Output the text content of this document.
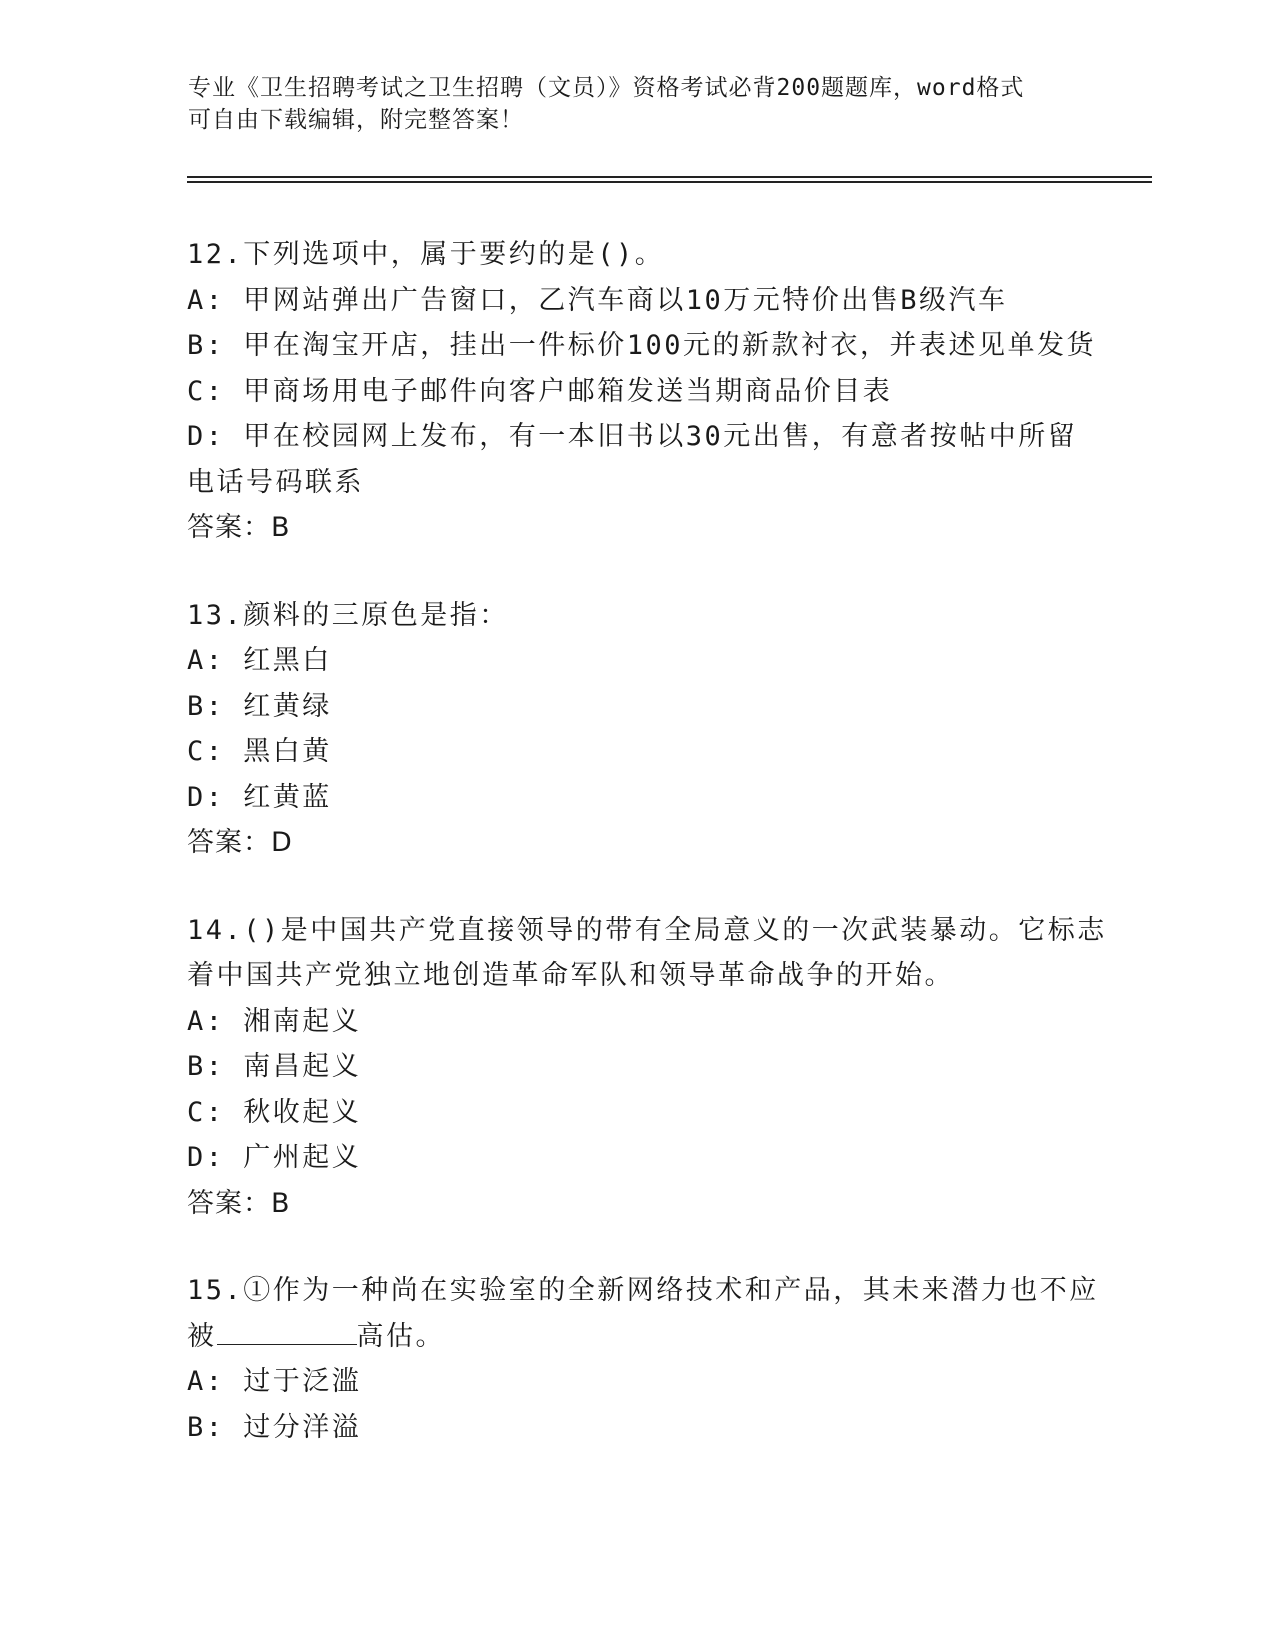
专业《卫生招聘考试之卫生招聘（文员）》资格考试必背200题题库，word格式
可自由下载编辑，附完整答案！
12.下列选项中，属于要约的是()。
A: 甲网站弹出广告窗口，乙汽车商以10万元特价出售B级汽车
B: 甲在淘宝开店，挂出一件标价100元的新款衬衣，并表述见单发货
C: 甲商场用电子邮件向客户邮箱发送当期商品价目表
D: 甲在校园网上发布，有一本旧书以30元出售，有意者按帖中所留
电话号码联系
答案：B
13.颜料的三原色是指：
A: 红黑白
B: 红黄绿
C: 黑白黄
D: 红黄蓝
答案：D
14.()是中国共产党直接领导的带有全局意义的一次武装暴动。它标志
着中国共产党独立地创造革命军队和领导革命战争的开始。
A: 湘南起义
B: 南昌起义
C: 秋收起义
D: 广州起义
答案：B
15.①作为一种尚在实验室的全新网络技术和产品，其未来潜力也不应
被	高估。
A: 过于泛滥
B: 过分洋溢
